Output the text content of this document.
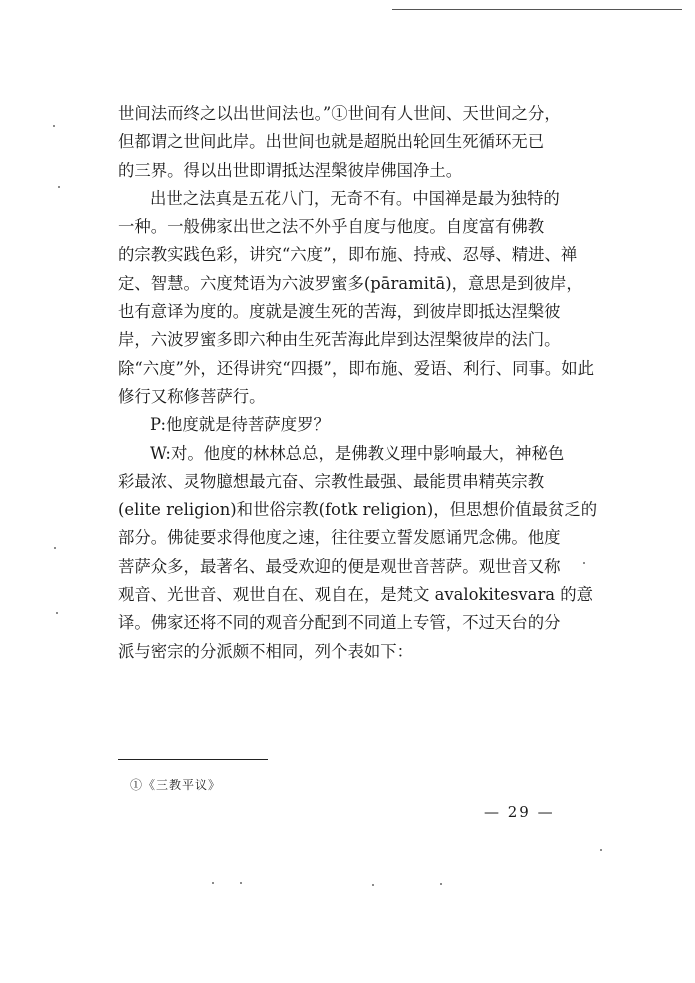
世间法而终之以出世间法也。”①世间有人世间、天世间之分，
但都谓之世间此岸。出世间也就是超脱出轮回生死循环无已
的三界。得以出世即谓抵达涅槃彼岸佛国净土。
出世之法真是五花八门，无奇不有。中国禅是最为独特的
一种。一般佛家出世之法不外乎自度与他度。自度富有佛教
的宗教实践色彩，讲究“六度”，即布施、持戒、忍辱、精进、禅
定、智慧。六度梵语为六波罗蜜多(pāramitā)，意思是到彼岸，
也有意译为度的。度就是渡生死的苦海，到彼岸即抵达涅槃彼
岸，六波罗蜜多即六种由生死苦海此岸到达涅槃彼岸的法门。
除“六度”外，还得讲究“四摄”，即布施、爱语、利行、同事。如此
修行又称修菩萨行。
P:他度就是待菩萨度罗？
W:对。他度的林林总总，是佛教义理中影响最大，神秘色
彩最浓、灵物臆想最亢奋、宗教性最强、最能贯串精英宗教
(elite religion)和世俗宗教(fotk religion)，但思想价值最贫乏的
部分。佛徒要求得他度之速，往往要立誓发愿诵咒念佛。他度
菩萨众多，最著名、最受欢迎的便是观世音菩萨。观世音又称
观音、光世音、观世自在、观自在，是梵文 avalokitesvara 的意
译。佛家还将不同的观音分配到不同道上专管，不过天台的分
派与密宗的分派颇不相同，列个表如下：
①《三教平议》
— 29 —
